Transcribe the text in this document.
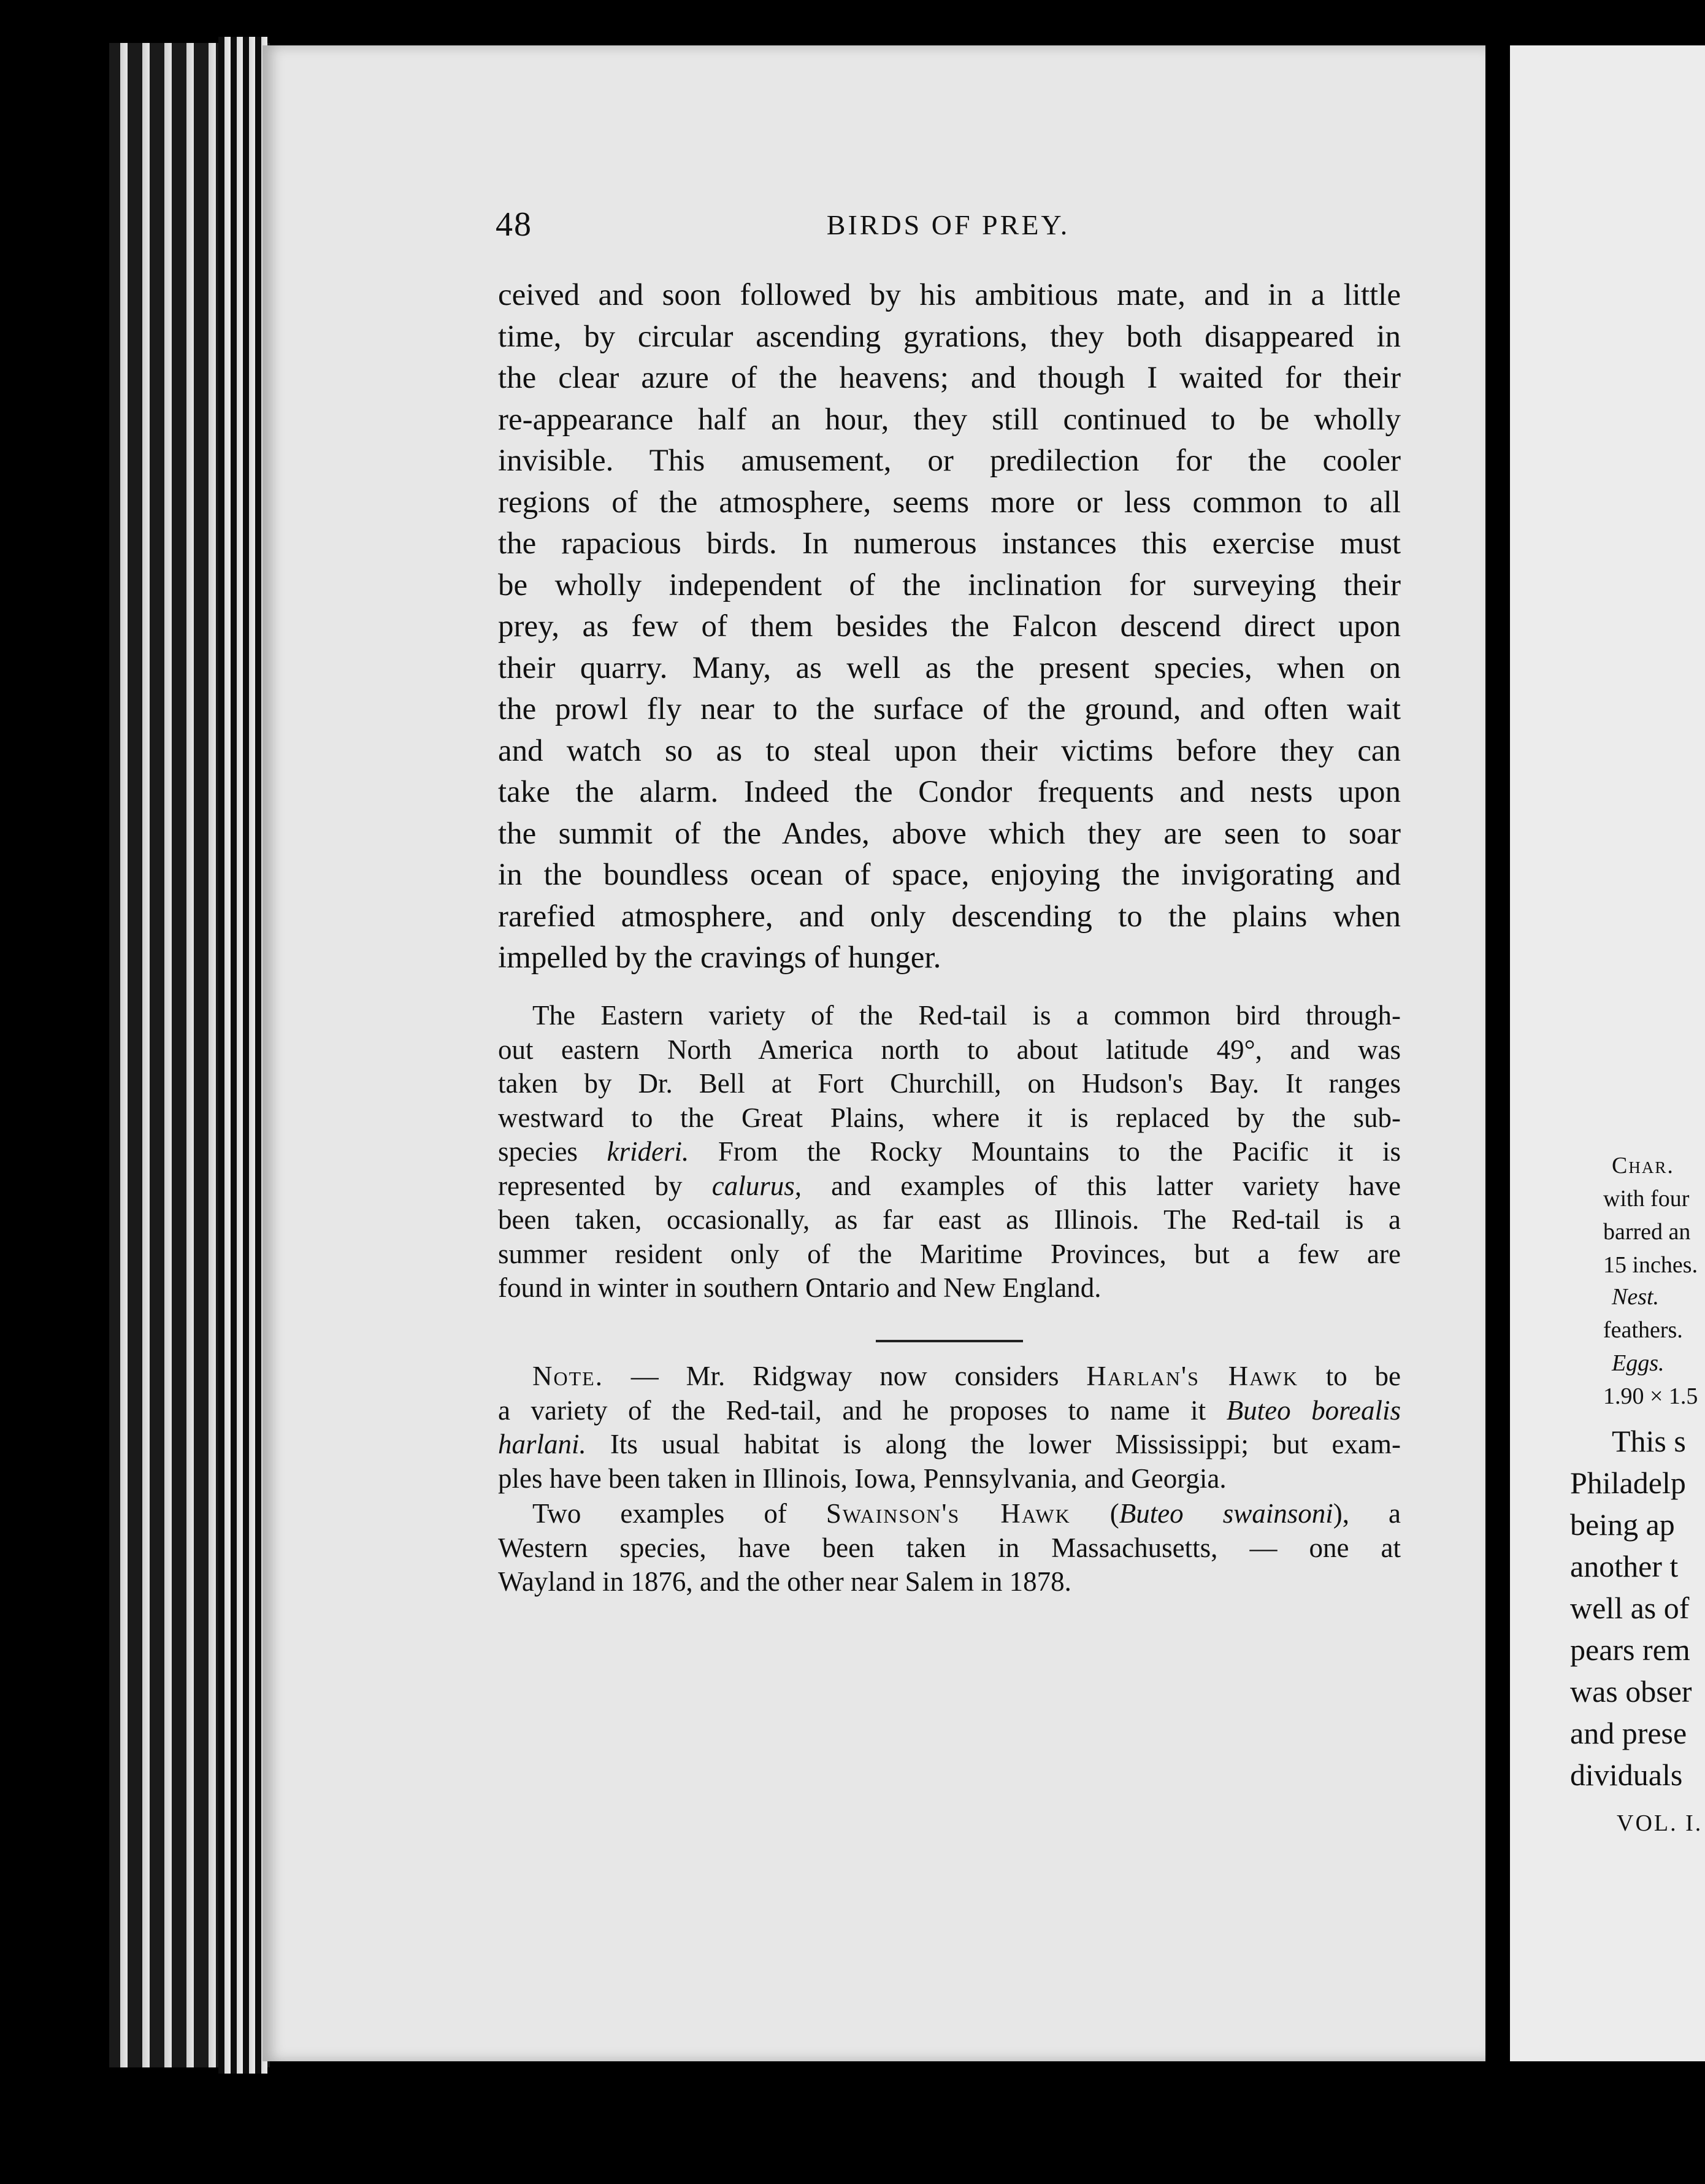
48	BIRDS OF PREY.
ceived and soon followed by his ambitious mate, and in a little
time, by circular ascending gyrations, they both disappeared in
the clear azure of the heavens; and though I waited for their
re-appearance half an hour, they still continued to be wholly
invisible. This amusement, or predilection for the cooler
regions of the atmosphere, seems more or less common to all
the rapacious birds. In numerous instances this exercise must
be wholly independent of the inclination for surveying their
prey, as few of them besides the Falcon descend direct upon
their quarry. Many, as well as the present species, when on
the prowl fly near to the surface of the ground, and often wait
and watch so as to steal upon their victims before they can
take the alarm. Indeed the Condor frequents and nests upon
the summit of the Andes, above which they are seen to soar
in the boundless ocean of space, enjoying the invigorating and
rarefied atmosphere, and only descending to the plains when
impelled by the cravings of hunger.
The Eastern variety of the Red-tail is a common bird through-
out eastern North America north to about latitude 49°, and was
taken by Dr. Bell at Fort Churchill, on Hudson's Bay. It ranges
westward to the Great Plains, where it is replaced by the sub-
species krideri. From the Rocky Mountains to the Pacific it is
represented by calurus, and examples of this latter variety have
been taken, occasionally, as far east as Illinois. The Red-tail is a
summer resident only of the Maritime Provinces, but a few are
found in winter in southern Ontario and New England.
Note. — Mr. Ridgway now considers Harlan's Hawk to be
a variety of the Red-tail, and he proposes to name it Buteo borealis
harlani. Its usual habitat is along the lower Mississippi; but exam-
ples have been taken in Illinois, Iowa, Pennsylvania, and Georgia.
Two examples of Swainson's Hawk (Buteo swainsoni), a
Western species, have been taken in Massachusetts, — one at
Wayland in 1876, and the other near Salem in 1878.
Char.
with four
barred an
15 inches.
Nest.
feathers.
Eggs.
1.90 × 1.5
This s
Philadelp
being ap
another t
well as of
pears rem
was obser
and prese
dividuals
VOL. I.
